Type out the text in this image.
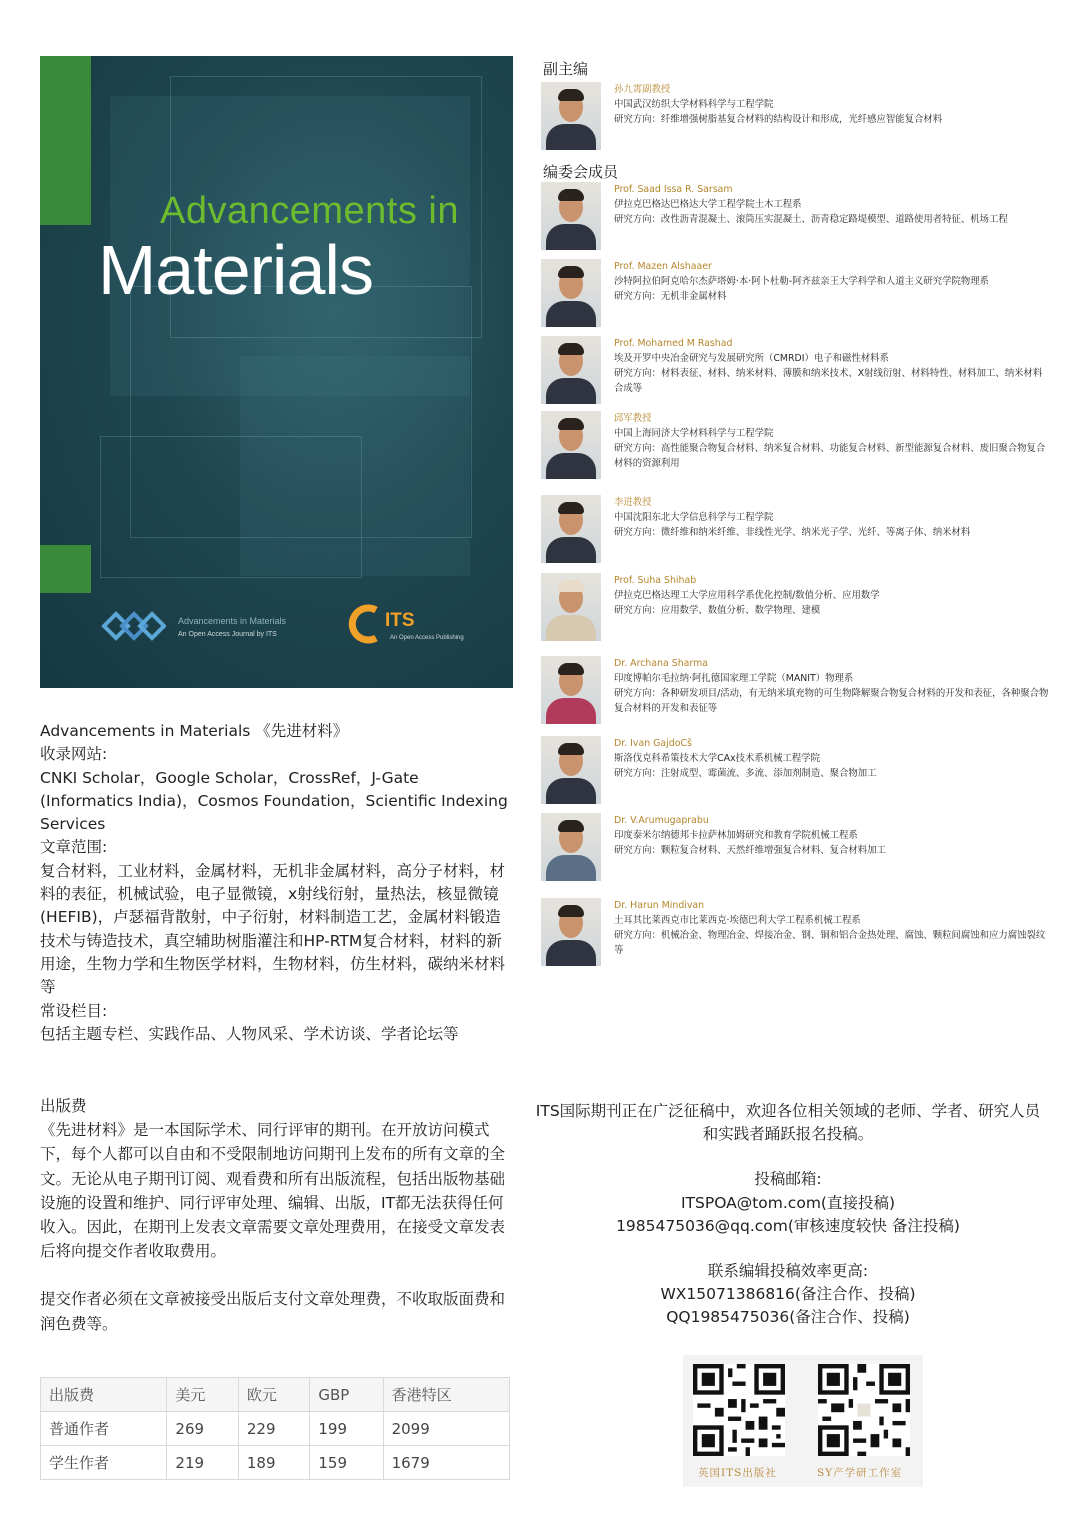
Advancements in
Materials
Advancements in Materials
An Open Access Journal by ITS
ITS
An Open Access Publishing

Advancements in Materials 《先进材料》

收录网站:

CNKI Scholar，Google Scholar，CrossRef，J-Gate (Informatics India)，Cosmos Foundation，Scientific Indexing Services

文章范围:

复合材料，工业材料，金属材料，无机非金属材料，高分子材料，材料的表征，机械试验，电子显微镜，x射线衍射，量热法，核显微镜(HEFIB)，卢瑟福背散射，中子衍射，材料制造工艺，金属材料锻造技术与铸造技术，真空辅助树脂灌注和HP-RTM复合材料，材料的新用途，生物力学和生物医学材料，生物材料，仿生材料，碳纳米材料等

常设栏目:

包括主题专栏、实践作品、人物风采、学术访谈、学者论坛等

副主编
孙九霄副教授
中国武汉纺织大学材料科学与工程学院
研究方向：纤维增强树脂基复合材料的结构设计和形成，光纤感应智能复合材料
编委会成员
Prof. Saad Issa R. Sarsam
伊拉克巴格达巴格达大学工程学院土木工程系
研究方向：改性沥青混凝土、滚筒压实混凝土、沥青稳定路堤模型、道路使用者特征、机场工程
Prof. Mazen Alshaaer
沙特阿拉伯阿克哈尔杰萨塔姆·本·阿卜杜勒-阿齐兹亲王大学科学和人道主义研究学院物理系
研究方向：无机非金属材料
Prof. Mohamed M Rashad
埃及开罗中央冶金研究与发展研究所（CMRDI）电子和磁性材料系
研究方向：材料表征、材料、纳米材料、薄膜和纳米技术、X射线衍射、材料特性、材料加工、纳米材料合成等
邱军教授
中国上海同济大学材料科学与工程学院
研究方向：高性能聚合物复合材料、纳米复合材料、功能复合材料、新型能源复合材料、废旧聚合物复合材料的资源利用
李进教授
中国沈阳东北大学信息科学与工程学院
研究方向：微纤维和纳米纤维、非线性光学、纳米光子学、光纤、等离子体、纳米材料
Prof. Suha Shihab
伊拉克巴格达理工大学应用科学系优化控制/数值分析、应用数学
研究方向：应用数学、数值分析、数学物理、建模
Dr. Archana Sharma
印度博帕尔毛拉纳·阿扎德国家理工学院（MANIT）物理系
研究方向：各种研发项目/活动，有无纳米填充物的可生物降解聚合物复合材料的开发和表征，各种聚合物复合材料的开发和表征等
Dr. Ivan GajdoCš
斯洛伐克科希策技术大学CAx技术系机械工程学院
研究方向：注射成型、霉菌流、多流、添加剂制造、聚合物加工
Dr. V.Arumugaprabu
印度泰米尔纳德邦卡拉萨林加姆研究和教育学院机械工程系
研究方向：颗粒复合材料、天然纤维增强复合材料、复合材料加工
Dr. Harun Mindivan
土耳其比莱西克市比莱西克·埃德巴利大学工程系机械工程系
研究方向：机械冶金、物理冶金、焊接冶金、钢、铜和铝合金热处理、腐蚀、颗粒间腐蚀和应力腐蚀裂纹等

出版费

《先进材料》是一本国际学术、同行评审的期刊。在开放访问模式下，每个人都可以自由和不受限制地访问期刊上发布的所有文章的全文。无论从电子期刊订阅、观看费和所有出版流程，包括出版物基础设施的设置和维护、同行评审处理、编辑、出版，IT都无法获得任何收入。因此，在期刊上发表文章需要文章处理费用，在接受文章发表后将向提交作者收取费用。

提交作者必须在文章被接受出版后支付文章处理费，不收取版面费和润色费等。

出版费	美元	欧元	GBP	香港特区
普通作者	269	229	199	2099
学生作者	219	189	159	1679

ITS国际期刊正在广泛征稿中，欢迎各位相关领域的老师、学者、研究人员和实践者踊跃报名投稿。

投稿邮箱:

ITSPOA@tom.com(直接投稿)

1985475036@qq.com(审核速度较快 备注投稿)

联系编辑投稿效率更高:

WX15071386816(备注合作、投稿)

QQ1985475036(备注合作、投稿)

英国ITS出版社	SY产学研工作室
